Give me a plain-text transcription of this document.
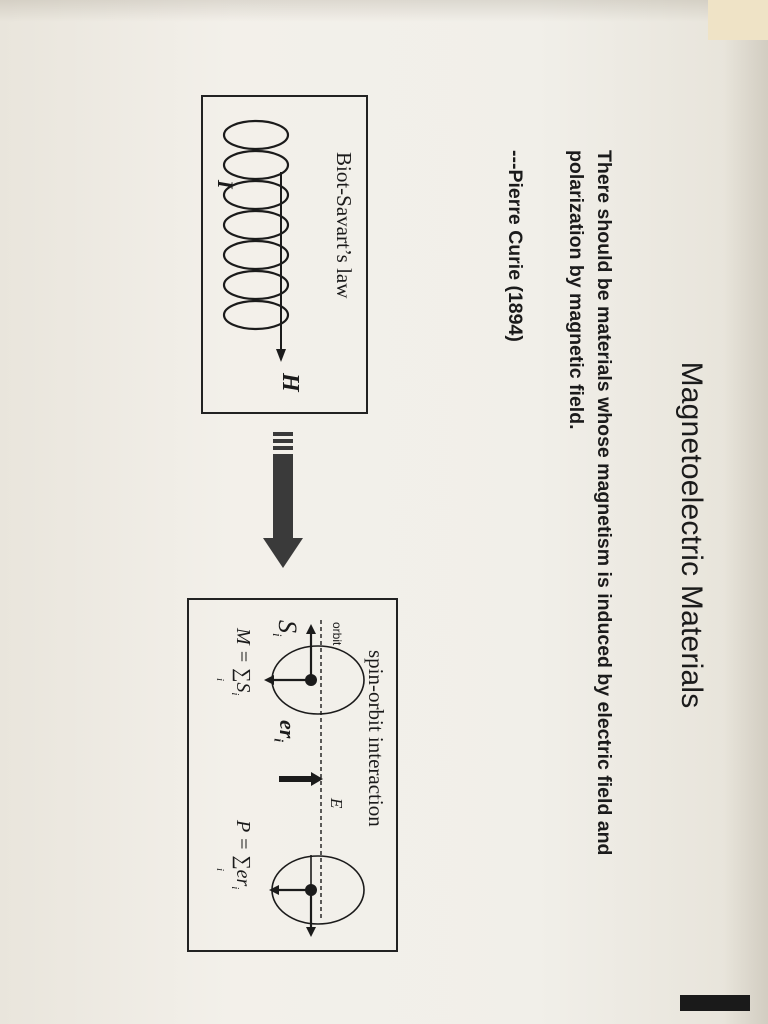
Magnetoelectric Materials
There should be materials whose magnetism is induced by electric field and polarization by magnetic field.
---Pierre Curie (1894)
Biot-Savart’s law
I
H
spin-orbit interaction
orbit
$S_i$
$er_i$
E
$M = \sum S_i$
i
$P = \sum er_i$
i
